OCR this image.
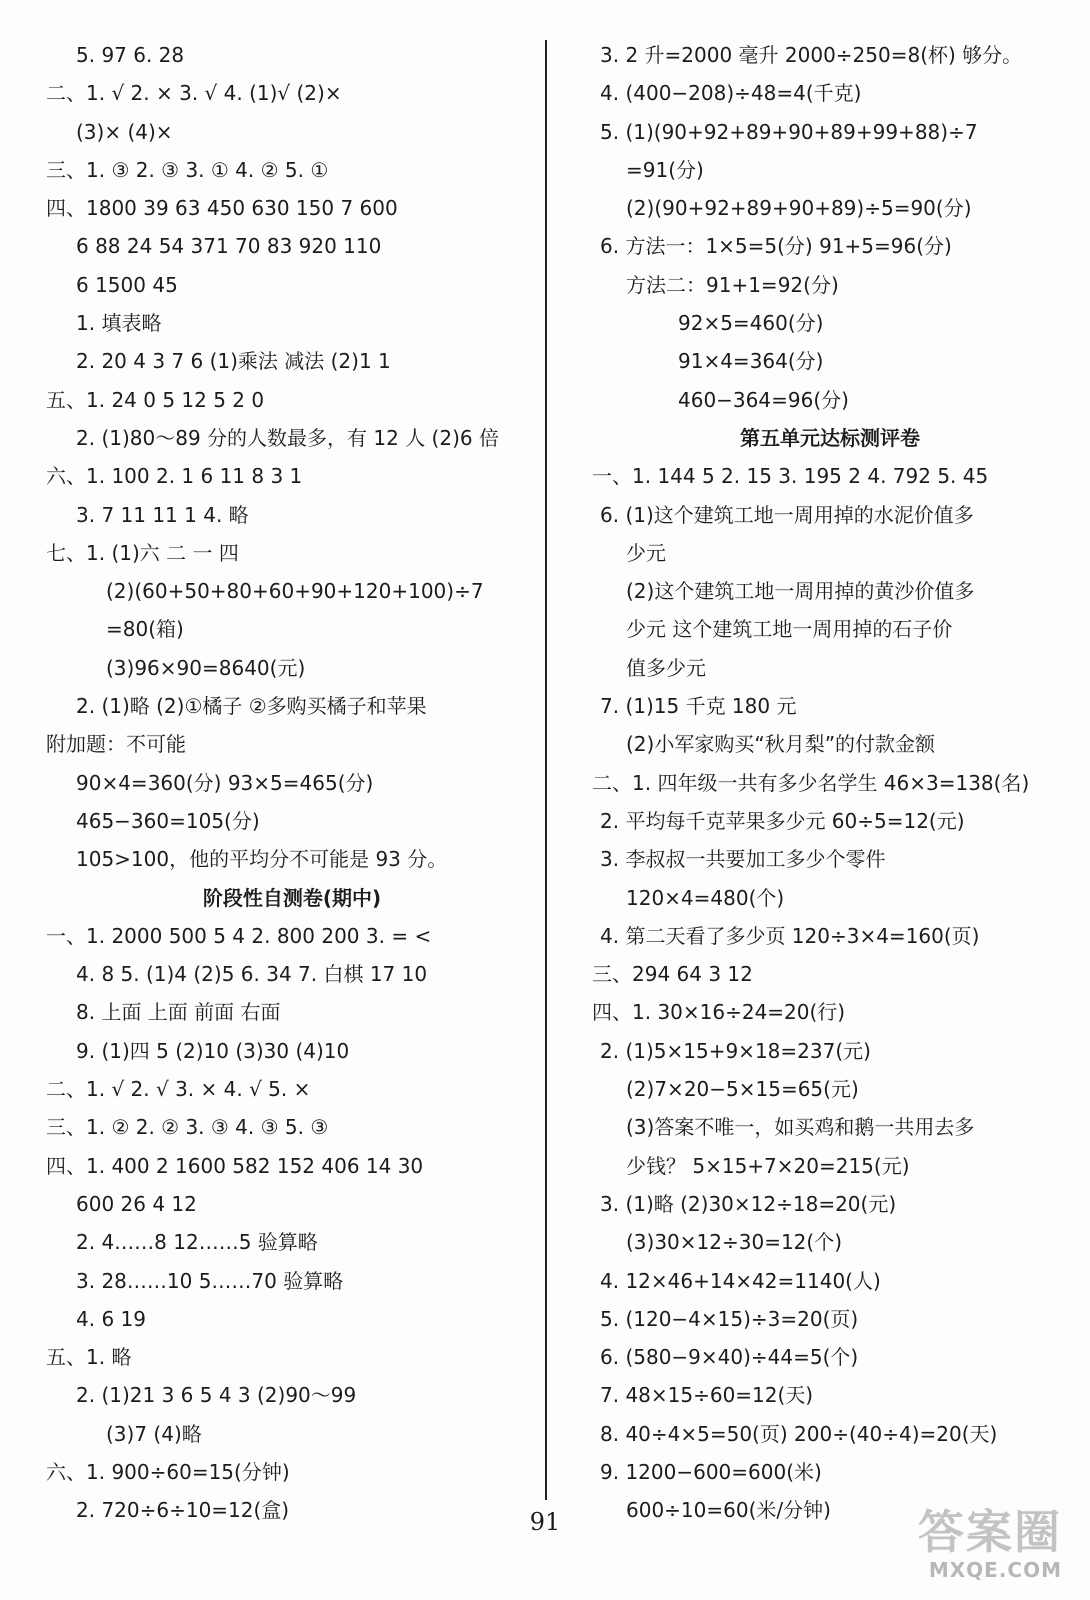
5. 97 6. 28
二、1. √ 2. × 3. √ 4. (1)√ (2)×
(3)× (4)×
三、1. ③ 2. ③ 3. ① 4. ② 5. ①
四、1800 39 63 450 630 150 7 600
6 88 24 54 371 70 83 920 110
6 1500 45
1. 填表略
2. 20 4 3 7 6 (1)乘法 减法 (2)1 1
五、1. 24 0 5 12 5 2 0
2. (1)80～89 分的人数最多，有 12 人 (2)6 倍
六、1. 100 2. 1 6 11 8 3 1
3. 7 11 11 1 4. 略
七、1. (1)六 二 一 四
(2)(60+50+80+60+90+120+100)÷7
=80(箱)
(3)96×90=8640(元)
2. (1)略 (2)①橘子 ②多购买橘子和苹果
附加题：不可能
90×4=360(分) 93×5=465(分)
465−360=105(分)
105>100，他的平均分不可能是 93 分。
阶段性自测卷(期中)
一、1. 2000 500 5 4 2. 800 200 3. = <
4. 8 5. (1)4 (2)5 6. 34 7. 白棋 17 10
8. 上面 上面 前面 右面
9. (1)四 5 (2)10 (3)30 (4)10
二、1. √ 2. √ 3. × 4. √ 5. ×
三、1. ② 2. ② 3. ③ 4. ③ 5. ③
四、1. 400 2 1600 582 152 406 14 30
600 26 4 12
2. 4……8 12……5 验算略
3. 28……10 5……70 验算略
4. 6 19
五、1. 略
2. (1)21 3 6 5 4 3 (2)90～99
(3)7 (4)略
六、1. 900÷60=15(分钟)
2. 720÷6÷10=12(盒)
3. 2 升=2000 毫升 2000÷250=8(杯) 够分。
4. (400−208)÷48=4(千克)
5. (1)(90+92+89+90+89+99+88)÷7
=91(分)
(2)(90+92+89+90+89)÷5=90(分)
6. 方法一：1×5=5(分) 91+5=96(分)
方法二：91+1=92(分)
92×5=460(分)
91×4=364(分)
460−364=96(分)
第五单元达标测评卷
一、1. 144 5 2. 15 3. 195 2 4. 792 5. 45
6. (1)这个建筑工地一周用掉的水泥价值多
少元
(2)这个建筑工地一周用掉的黄沙价值多
少元 这个建筑工地一周用掉的石子价
值多少元
7. (1)15 千克 180 元
(2)小军家购买“秋月梨”的付款金额
二、1. 四年级一共有多少名学生 46×3=138(名)
2. 平均每千克苹果多少元 60÷5=12(元)
3. 李叔叔一共要加工多少个零件
120×4=480(个)
4. 第二天看了多少页 120÷3×4=160(页)
三、294 64 3 12
四、1. 30×16÷24=20(行)
2. (1)5×15+9×18=237(元)
(2)7×20−5×15=65(元)
(3)答案不唯一，如买鸡和鹅一共用去多
少钱？ 5×15+7×20=215(元)
3. (1)略 (2)30×12÷18=20(元)
(3)30×12÷30=12(个)
4. 12×46+14×42=1140(人)
5. (120−4×15)÷3=20(页)
6. (580−9×40)÷44=5(个)
7. 48×15÷60=12(天)
8. 40÷4×5=50(页) 200÷(40÷4)=20(天)
9. 1200−600=600(米)
600÷10=60(米/分钟)
91	答案圈
MXQE.COM
